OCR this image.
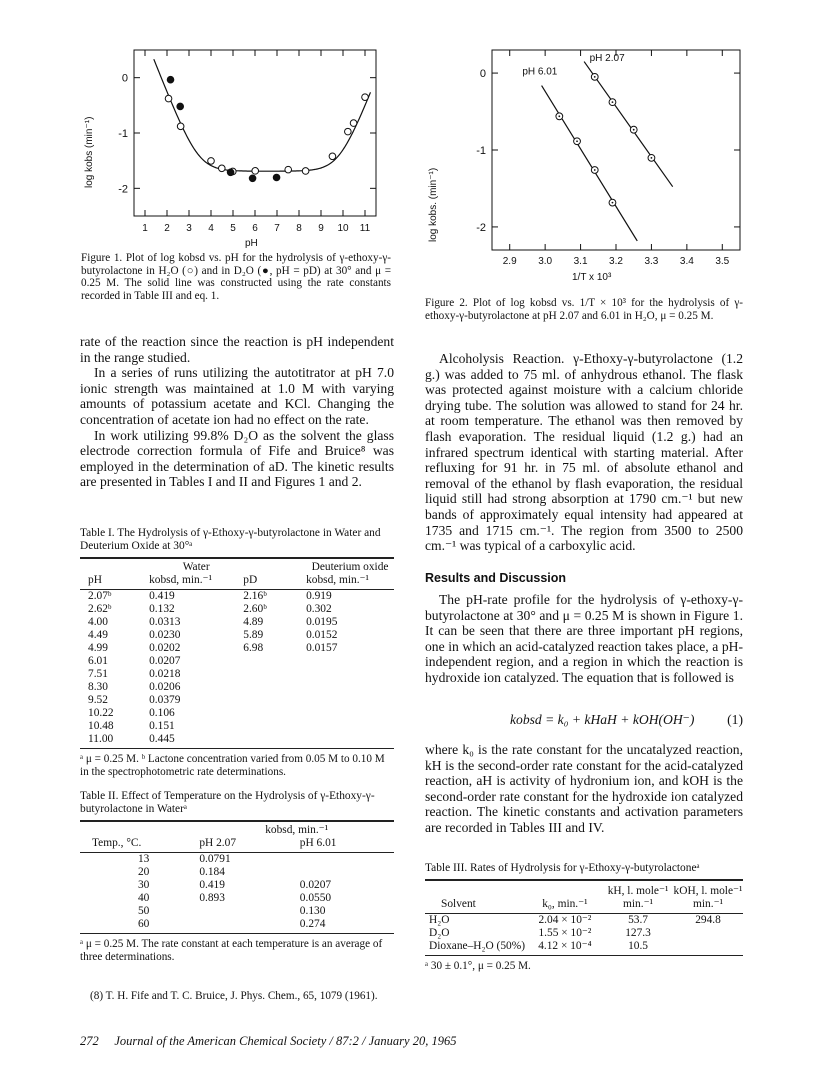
0
-1
-2
1 2 3 4 5 6 7 8 9 10 11
log kobs (min⁻¹)
pH
Figure 1. Plot of log kobsd vs. pH for the hydrolysis of γ-ethoxy-γ-butyrolactone in H₂O (○) and in D₂O (●, pH = pD) at 30° and μ = 0.25 M. The solid line was constructed using the rate constants recorded in Table III and eq. 1.
0
-1
-2
2.9 3.0 3.1 3.2 3.3 3.4 3.5
pH 2.07
pH 6.01
log kobs. (min⁻¹)
1/T x 10³
Figure 2. Plot of log kobsd vs. 1/T × 10³ for the hydrolysis of γ-ethoxy-γ-butyrolactone at pH 2.07 and 6.01 in H₂O, μ = 0.25 M.
rate of the reaction since the reaction is pH independent in the range studied.
In a series of runs utilizing the autotitrator at pH 7.0 ionic strength was maintained at 1.0 M with varying amounts of potassium acetate and KCl. Changing the concentration of acetate ion had no effect on the rate.
In work utilizing 99.8% D₂O as the solvent the glass electrode correction formula of Fife and Bruice⁸ was employed in the determination of aD. The kinetic results are presented in Tables I and II and Figures 1 and 2.
Table I. The Hydrolysis of γ-Ethoxy-γ-butyrolactone in Water and Deuterium Oxide at 30°ᵃ
	Water		Deuterium oxide
pH	kobsd, min.⁻¹	pD	kobsd, min.⁻¹
2.07ᵇ	0.419	2.16ᵇ	0.919
2.62ᵇ	0.132	2.60ᵇ	0.302
4.00	0.0313	4.89	0.0195
4.49	0.0230	5.89	0.0152
4.99	0.0202	6.98	0.0157
6.01	0.0207		
7.51	0.0218		
8.30	0.0206		
9.52	0.0379		
10.22	0.106		
10.48	0.151		
11.00	0.445		
ᵃ μ = 0.25 M. ᵇ Lactone concentration varied from 0.05 M to 0.10 M in the spectrophotometric rate determinations.
Table II. Effect of Temperature on the Hydrolysis of γ-Ethoxy-γ-butyrolactone in Waterᵃ
	kobsd, min.⁻¹	
Temp., °C.	pH 2.07	pH 6.01
13	0.0791	
20	0.184	
30	0.419	0.0207
40	0.893	0.0550
50		0.130
60		0.274
ᵃ μ = 0.25 M. The rate constant at each temperature is an average of three determinations.
(8) T. H. Fife and T. C. Bruice, J. Phys. Chem., 65, 1079 (1961).
272     Journal of the American Chemical Society / 87:2 / January 20, 1965
Alcoholysis Reaction. γ-Ethoxy-γ-butyrolactone (1.2 g.) was added to 75 ml. of anhydrous ethanol. The flask was protected against moisture with a calcium chloride drying tube. The solution was allowed to stand for 24 hr. at room temperature. The ethanol was then removed by flash evaporation. The residual liquid (1.2 g.) had an infrared spectrum identical with starting material. After refluxing for 91 hr. in 75 ml. of absolute ethanol and removal of the ethanol by flash evaporation, the residual liquid still had strong absorption at 1790 cm.⁻¹ but new bands of approximately equal intensity had appeared at 1735 and 1715 cm.⁻¹. The region from 3500 to 2500 cm.⁻¹ was typical of a carboxylic acid.
Results and Discussion
The pH-rate profile for the hydrolysis of γ-ethoxy-γ-butyrolactone at 30° and μ = 0.25 M is shown in Figure 1. It can be seen that there are three important pH regions, one in which an acid-catalyzed reaction takes place, a pH-independent region, and a region in which the reaction is hydroxide ion catalyzed. The equation that is followed is
kobsd = k₀ + kHaH + kOH(OH⁻) (1)
where k₀ is the rate constant for the uncatalyzed reaction, kH is the second-order rate constant for the acid-catalyzed reaction, aH is activity of hydronium ion, and kOH is the second-order rate constant for the hydroxide ion catalyzed reaction. The kinetic constants and activation parameters are recorded in Tables III and IV.
Table III. Rates of Hydrolysis for γ-Ethoxy-γ-butyrolactoneᵃ
Solvent	k₀, min.⁻¹	kH, l. mole⁻¹ min.⁻¹	kOH, l. mole⁻¹ min.⁻¹
H₂O	2.04 × 10⁻²	53.7	294.8
D₂O	1.55 × 10⁻²	127.3	
Dioxane–H₂O (50%)	4.12 × 10⁻⁴	10.5	
ᵃ 30 ± 0.1°, μ = 0.25 M.
